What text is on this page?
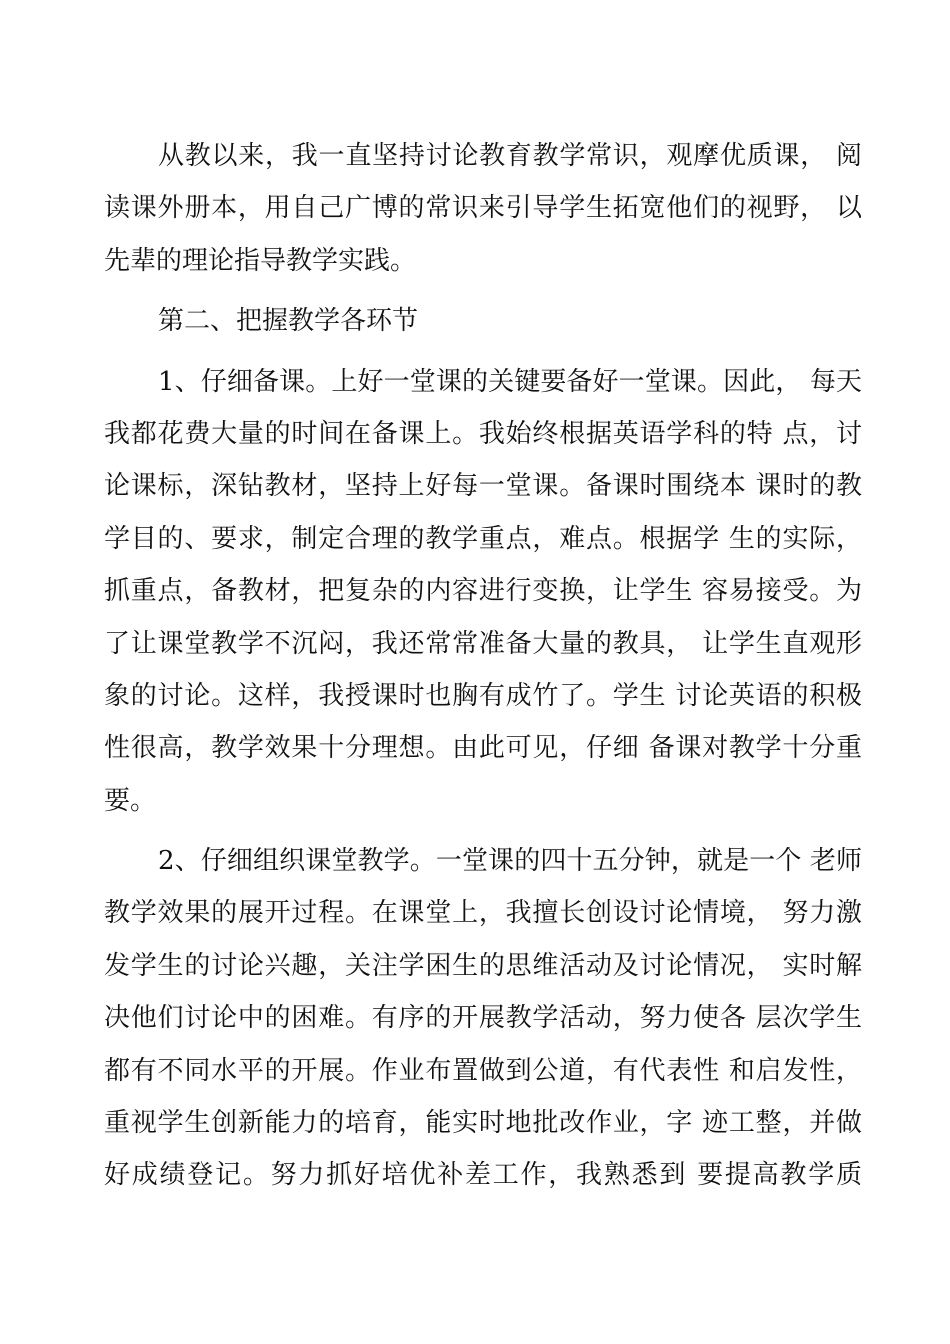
从教以来，我一直坚持讨论教育教学常识，观摩优质课， 阅
读课外册本，用自己广博的常识来引导学生拓宽他们的视野， 以
先辈的理论指导教学实践。
第二、把握教学各环节
1、仔细备课。上好一堂课的关键要备好一堂课。因此， 每天
我都花费大量的时间在备课上。我始终根据英语学科的特 点，讨
论课标，深钻教材，坚持上好每一堂课。备课时围绕本 课时的教
学目的、要求，制定合理的教学重点，难点。根据学 生的实际，
抓重点，备教材，把复杂的内容进行变换，让学生 容易接受。为
了让课堂教学不沉闷，我还常常准备大量的教具， 让学生直观形
象的讨论。这样，我授课时也胸有成竹了。学生 讨论英语的积极
性很高，教学效果十分理想。由此可见，仔细 备课对教学十分重
要。
2、仔细组织课堂教学。一堂课的四十五分钟，就是一个 老师
教学效果的展开过程。在课堂上，我擅长创设讨论情境， 努力激
发学生的讨论兴趣，关注学困生的思维活动及讨论情况， 实时解
决他们讨论中的困难。有序的开展教学活动，努力使各 层次学生
都有不同水平的开展。作业布置做到公道，有代表性 和启发性，
重视学生创新能力的培育，能实时地批改作业，字 迹工整，并做
好成绩登记。努力抓好培优补差工作，我熟悉到 要提高教学质
